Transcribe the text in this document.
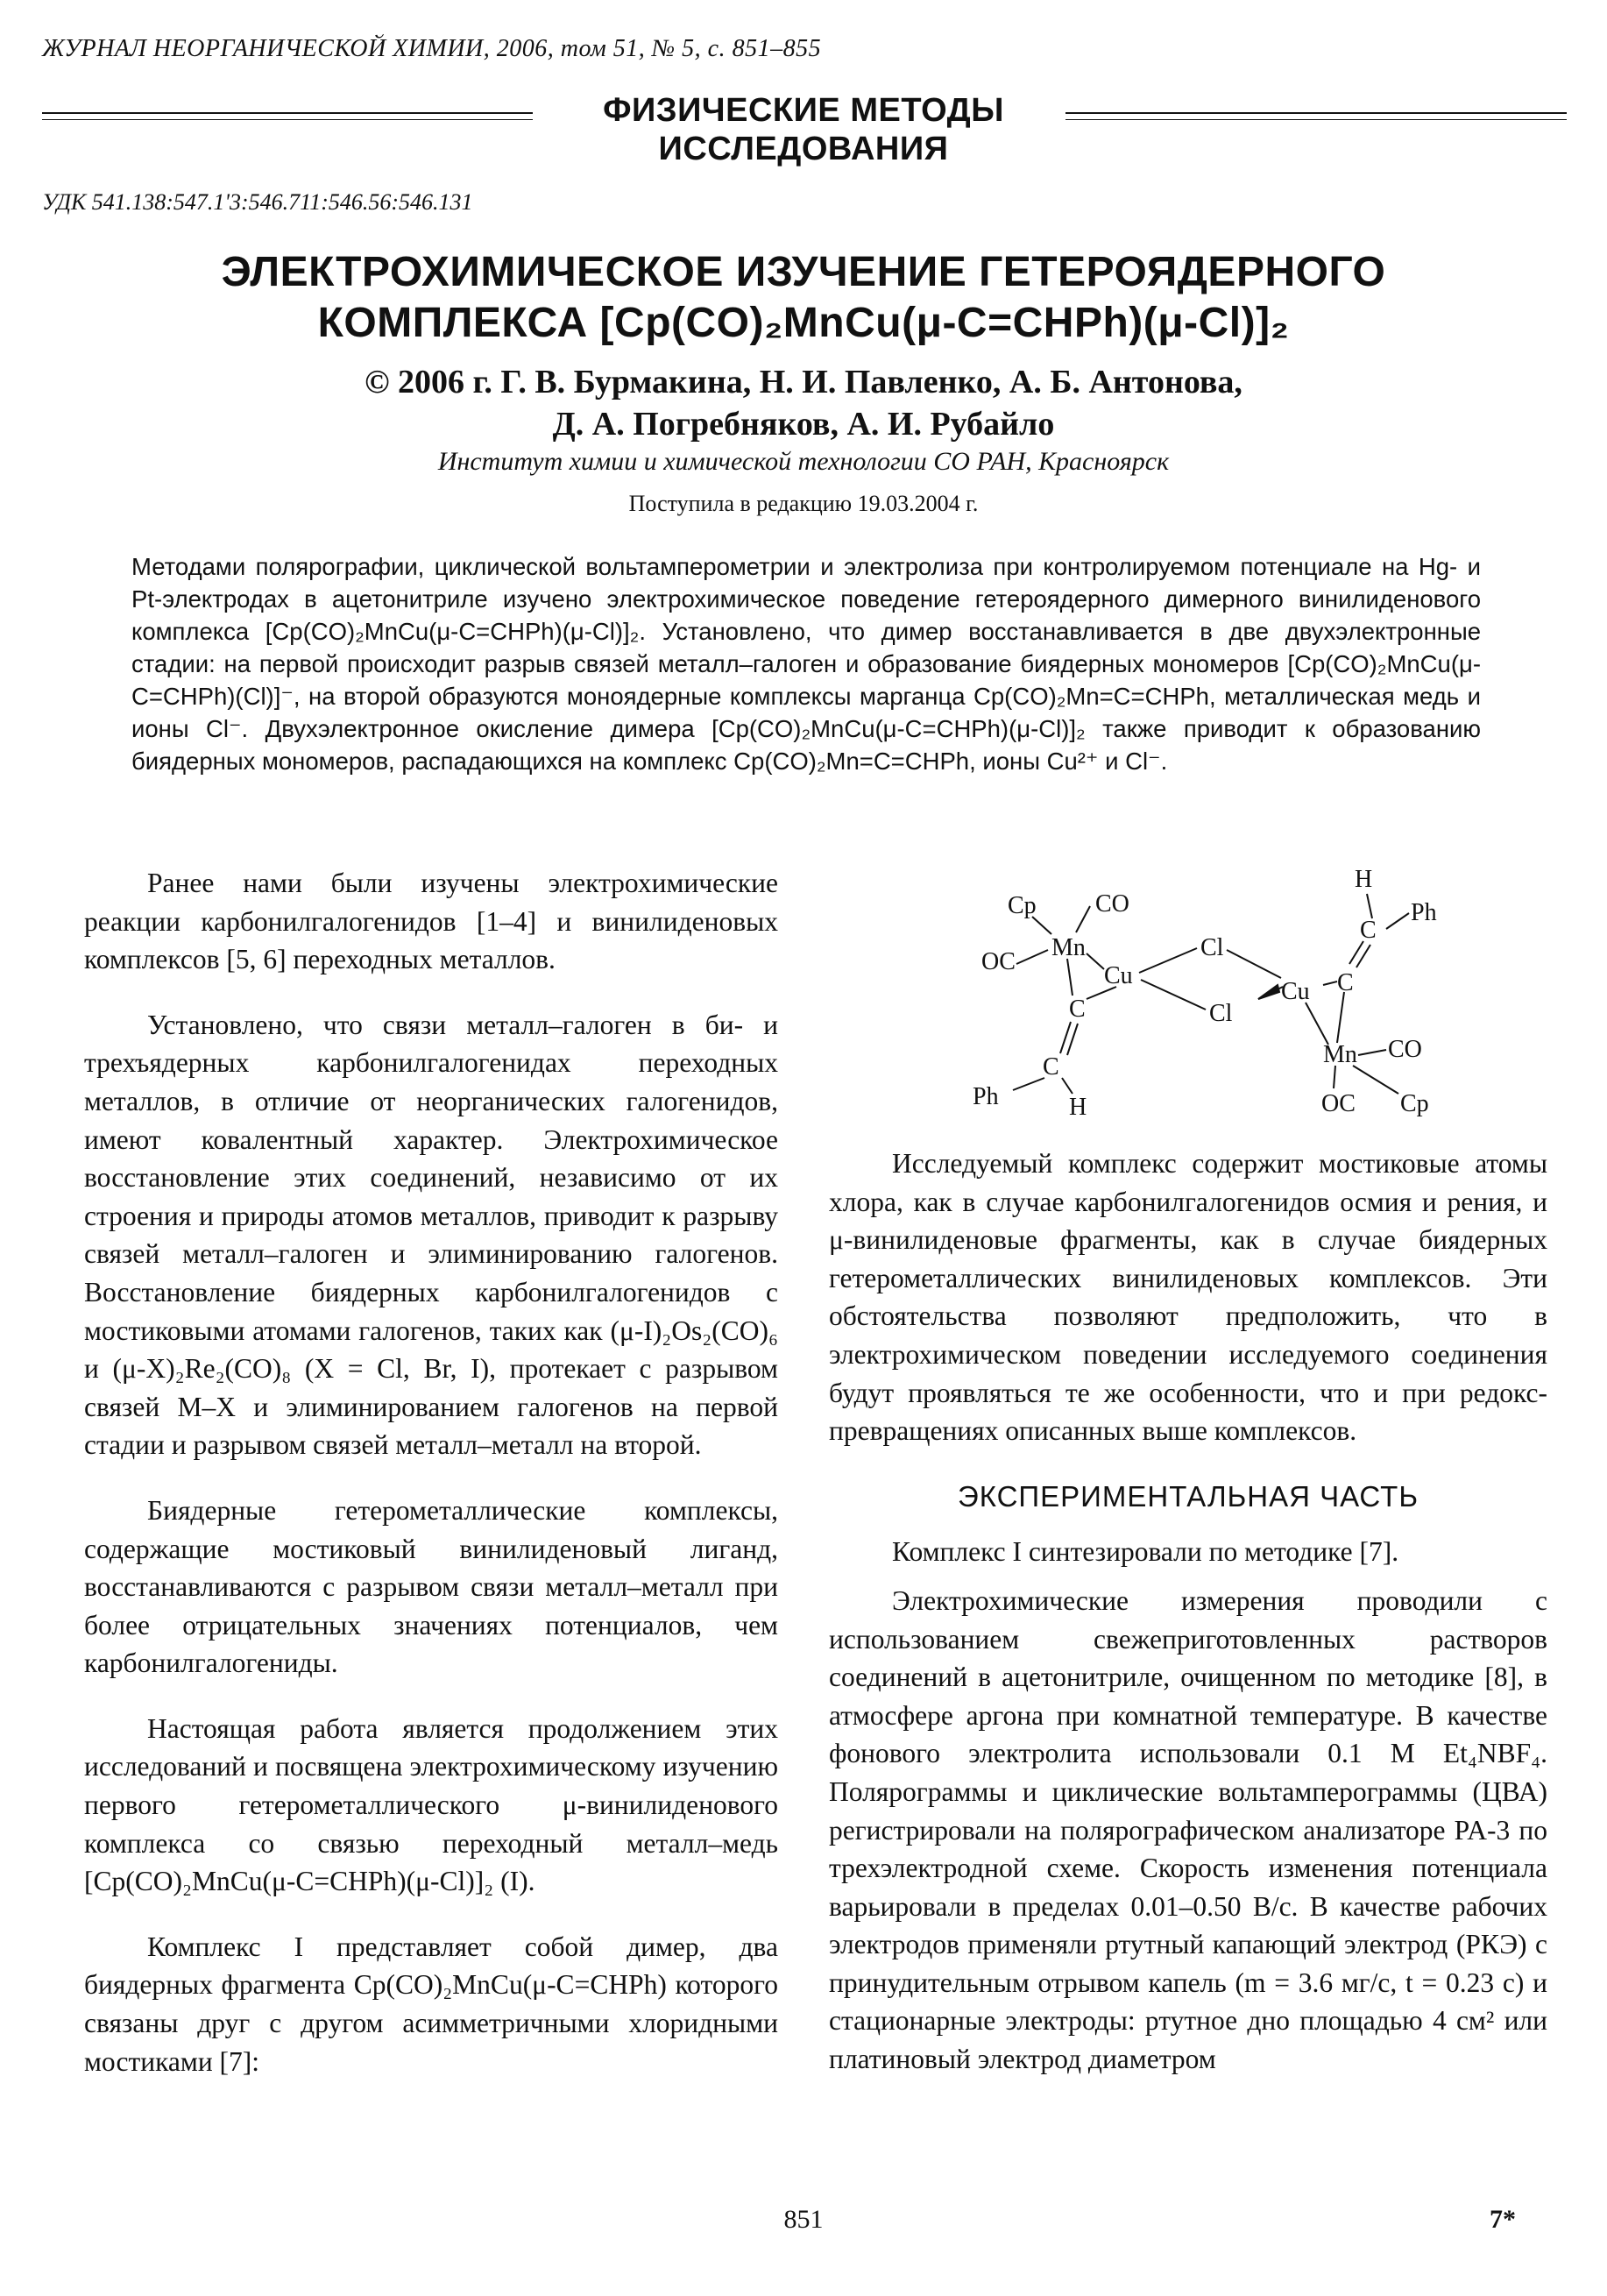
ЖУРНАЛ НЕОРГАНИЧЕСКОЙ ХИМИИ, 2006, том 51, № 5, с. 851–855
ФИЗИЧЕСКИЕ МЕТОДЫ
ИССЛЕДОВАНИЯ
УДК 541.138:547.1'3:546.711:546.56:546.131
ЭЛЕКТРОХИМИЧЕСКОЕ ИЗУЧЕНИЕ ГЕТЕРОЯДЕРНОГО
КОМПЛЕКСА [Cp(CO)₂MnCu(μ-C=CHPh)(μ-Cl)]₂
© 2006 г. Г. В. Бурмакина, Н. И. Павленко, А. Б. Антонова,
Д. А. Погребняков, А. И. Рубайло
Институт химии и химической технологии СО РАН, Красноярск
Поступила в редакцию 19.03.2004 г.
Методами полярографии, циклической вольтамперометрии и электролиза при контролируемом потенциале на Hg- и Pt-электродах в ацетонитриле изучено электрохимическое поведение гетероядерного димерного винилиденового комплекса [Cp(CO)₂MnCu(μ-C=CHPh)(μ-Cl)]₂. Установлено, что димер восстанавливается в две двухэлектронные стадии: на первой происходит разрыв связей металл–галоген и образование биядерных мономеров [Cp(CO)₂MnCu(μ-C=CHPh)(Cl)]⁻, на второй образуются моноядерные комплексы марганца Cp(CO)₂Mn=C=CHPh, металлическая медь и ионы Cl⁻. Двухэлектронное окисление димера [Cp(CO)₂MnCu(μ-C=CHPh)(μ-Cl)]₂ также приводит к образованию биядерных мономеров, распадающихся на комплекс Cp(CO)₂Mn=C=CHPh, ионы Cu²⁺ и Cl⁻.

Ранее нами были изучены электрохимические реакции карбонилгалогенидов [1–4] и винилиденовых комплексов [5, 6] переходных металлов.

Установлено, что связи металл–галоген в би- и трехъядерных карбонилгалогенидах переходных металлов, в отличие от неорганических галогенидов, имеют ковалентный характер. Электрохимическое восстановление этих соединений, независимо от их строения и природы атомов металлов, приводит к разрыву связей металл–галоген и элиминированию галогенов. Восстановление биядерных карбонилгалогенидов с мостиковыми атомами галогенов, таких как (μ-I)₂Os₂(CO)₆ и (μ-X)₂Re₂(CO)₈ (X = Cl, Br, I), протекает с разрывом связей M–X и элиминированием галогенов на первой стадии и разрывом связей металл–металл на второй.

Биядерные гетерометаллические комплексы, содержащие мостиковый винилиденовый лиганд, восстанавливаются с разрывом связи металл–металл при более отрицательных значениях потенциалов, чем карбонилгалогениды.

Настоящая работа является продолжением этих исследований и посвящена электрохимическому изучению первого гетерометаллического μ-винилиденового комплекса со связью переходный металл–медь [Cp(CO)₂MnCu(μ-C=CHPh)(μ-Cl)]₂ (I).

Комплекс I представляет собой димер, два биядерных фрагмента Cp(CO)₂MnCu(μ-C=CHPh) которого связаны друг с другом асимметричными хлоридными мостиками [7]:

Cp CO
OC
Mn
Cu
Cl
Cl
C
C
Ph	H
Cu C
C
H
Ph
Mn CO
OC Cp

Исследуемый комплекс содержит мостиковые атомы хлора, как в случае карбонилгалогенидов осмия и рения, и μ-винилиденовые фрагменты, как в случае биядерных гетерометаллических винилиденовых комплексов. Эти обстоятельства позволяют предположить, что в электрохимическом поведении исследуемого соединения будут проявляться те же особенности, что и при редокс-превращениях описанных выше комплексов.

ЭКСПЕРИМЕНТАЛЬНАЯ ЧАСТЬ

Комплекс I синтезировали по методике [7].

Электрохимические измерения проводили с использованием свежеприготовленных растворов соединений в ацетонитриле, очищенном по методике [8], в атмосфере аргона при комнатной температуре. В качестве фонового электролита использовали 0.1 М Et₄NBF₄. Полярограммы и циклические вольтамперограммы (ЦВА) регистрировали на полярографическом анализаторе PA-3 по трехэлектродной схеме. Скорость изменения потенциала варьировали в пределах 0.01–0.50 В/с. В качестве рабочих электродов применяли ртутный капающий электрод (РКЭ) с принудительным отрывом капель (m = 3.6 мг/с, t = 0.23 с) и стационарные электроды: ртутное дно площадью 4 см² или платиновый электрод диаметром

851	7*
